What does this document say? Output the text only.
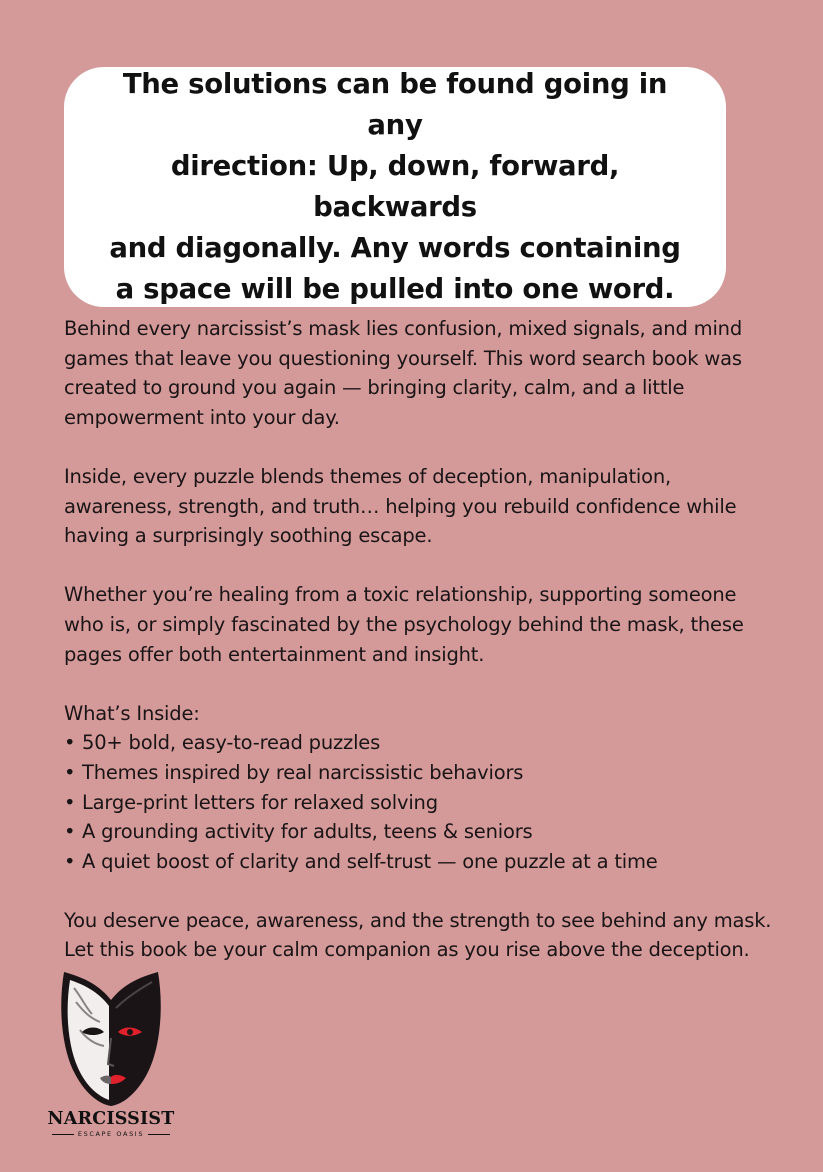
The solutions can be found going in any
direction: Up, down, forward, backwards
and diagonally. Any words containing
a space will be pulled into one word.
Behind every narcissist’s mask lies confusion, mixed signals, and mind
games that leave you questioning yourself. This word search book was
created to ground you again — bringing clarity, calm, and a little
empowerment into your day.
Inside, every puzzle blends themes of deception, manipulation,
awareness, strength, and truth… helping you rebuild confidence while
having a surprisingly soothing escape.
Whether you’re healing from a toxic relationship, supporting someone
who is, or simply fascinated by the psychology behind the mask, these
pages offer both entertainment and insight.
What’s Inside:
• 50+ bold, easy-to-read puzzles
• Themes inspired by real narcissistic behaviors
• Large-print letters for relaxed solving
• A grounding activity for adults, teens & seniors
• A quiet boost of clarity and self-trust — one puzzle at a time
You deserve peace, awareness, and the strength to see behind any mask.
Let this book be your calm companion as you rise above the deception.
NARCISSIST
ESCAPE OASIS
